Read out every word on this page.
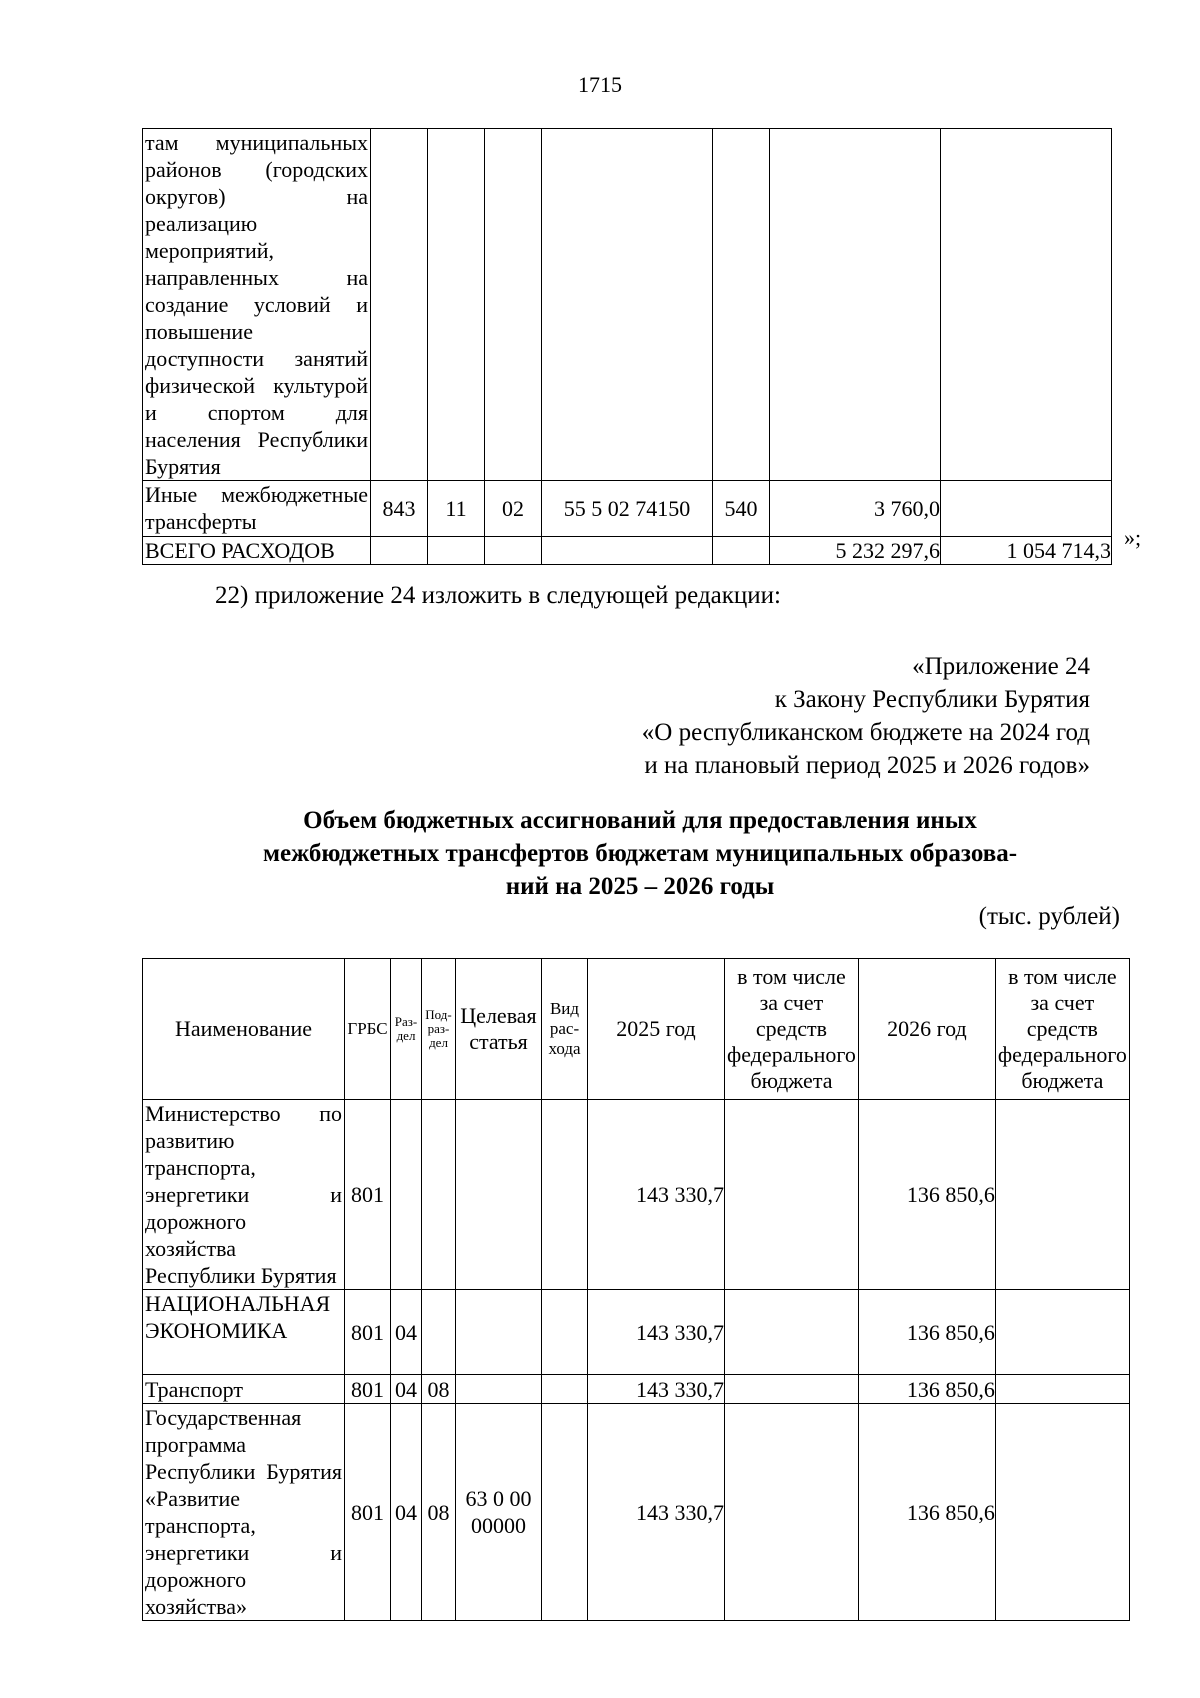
1715
там муниципальных районов (городских округов) на реализацию мероприятий, направленных на создание условий и повышение доступности занятий физической культурой и спортом для населения Республики Бурятия							
Иные межбюджетные трансферты	843	11	02	55 5 02 74150	540	3 760,0	
ВСЕГО РАСХОДОВ						5 232 297,6	1 054 714,3
»;
22) приложение 24 изложить в следующей редакции:
«Приложение 24
к Закону Республики Бурятия
«О республиканском бюджете на 2024 год
и на плановый период 2025 и 2026 годов»
Объем бюджетных ассигнований для предоставления иных
межбюджетных трансфертов бюджетам муниципальных образова-
ний на 2025 – 2026 годы
(тыс. рублей)
Наименование	ГРБС	Раз-дел	Под-раз-дел	Целевая статья	Вид рас-хода	2025 год	в том числе за счет средств федерального бюджета	2026 год	в том числе за счет средств федерального бюджета
Министерство по развитию транспорта, энергетики и дорожного хозяйства Республики Бурятия	801					143 330,7		136 850,6	
НАЦИОНАЛЬНАЯ ЭКОНОМИКА	801	04				143 330,7		136 850,6	
Транспорт	801	04	08			143 330,7		136 850,6	
Государственная программа Республики Бурятия «Развитие транспорта, энергетики и дорожного хозяйства»	801	04	08	63 0 00 00000		143 330,7		136 850,6	
